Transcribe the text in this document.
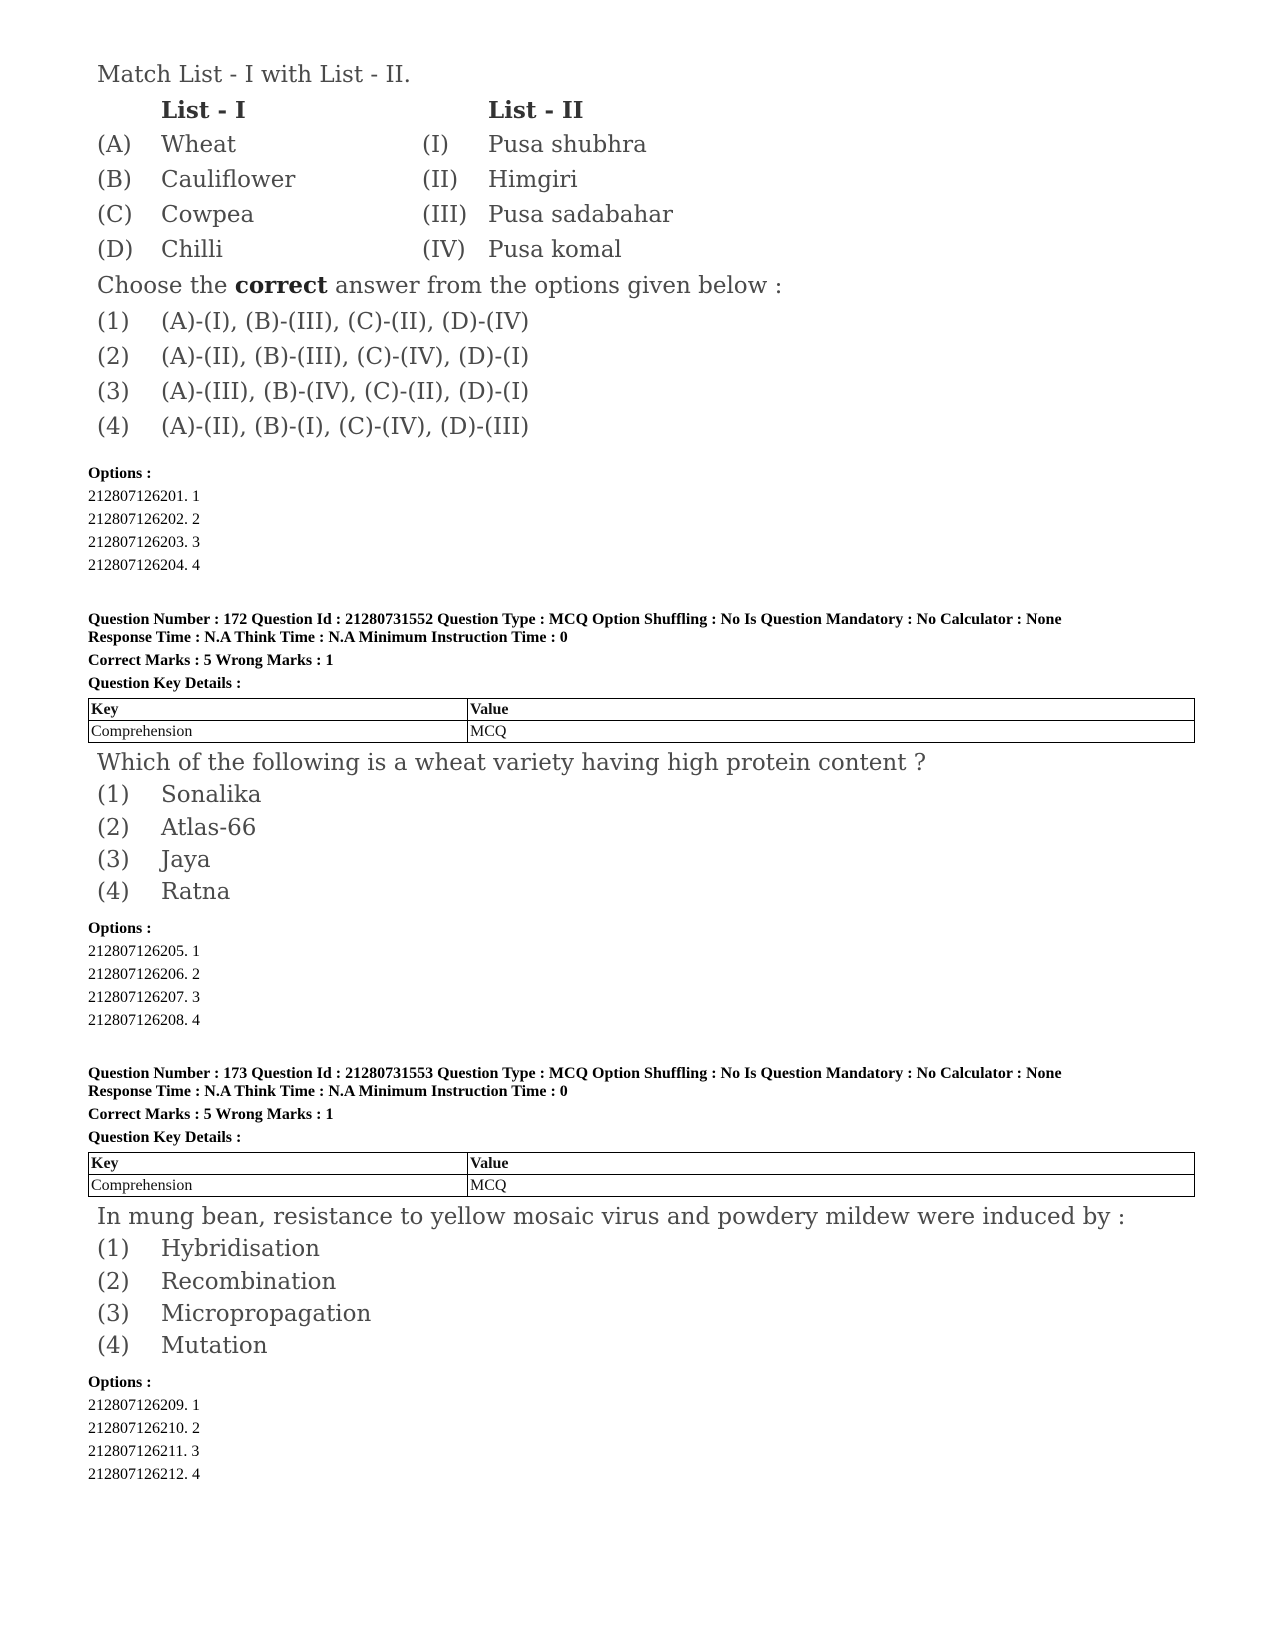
Match List - I with List - II.
List - I	List - II
(A) Wheat	(I) Pusa shubhra
(B) Cauliflower	(II) Himgiri
(C) Cowpea	(III) Pusa sadabahar
(D) Chilli	(IV) Pusa komal
Choose the correct answer from the options given below :
(1) (A)-(I), (B)-(III), (C)-(II), (D)-(IV)
(2) (A)-(II), (B)-(III), (C)-(IV), (D)-(I)
(3) (A)-(III), (B)-(IV), (C)-(II), (D)-(I)
(4) (A)-(II), (B)-(I), (C)-(IV), (D)-(III)
Options :
212807126201. 1
212807126202. 2
212807126203. 3
212807126204. 4
Question Number : 172 Question Id : 21280731552 Question Type : MCQ Option Shuffling : No Is Question Mandatory : No Calculator : None
Response Time : N.A Think Time : N.A Minimum Instruction Time : 0
Correct Marks : 5 Wrong Marks : 1
Question Key Details :
Key	Value
Comprehension	MCQ
Which of the following is a wheat variety having high protein content ?
(1) Sonalika
(2) Atlas-66
(3) Jaya
(4) Ratna
Options :
212807126205. 1
212807126206. 2
212807126207. 3
212807126208. 4
Question Number : 173 Question Id : 21280731553 Question Type : MCQ Option Shuffling : No Is Question Mandatory : No Calculator : None
Response Time : N.A Think Time : N.A Minimum Instruction Time : 0
Correct Marks : 5 Wrong Marks : 1
Question Key Details :
Key	Value
Comprehension	MCQ
In mung bean, resistance to yellow mosaic virus and powdery mildew were induced by :
(1) Hybridisation
(2) Recombination
(3) Micropropagation
(4) Mutation
Options :
212807126209. 1
212807126210. 2
212807126211. 3
212807126212. 4
